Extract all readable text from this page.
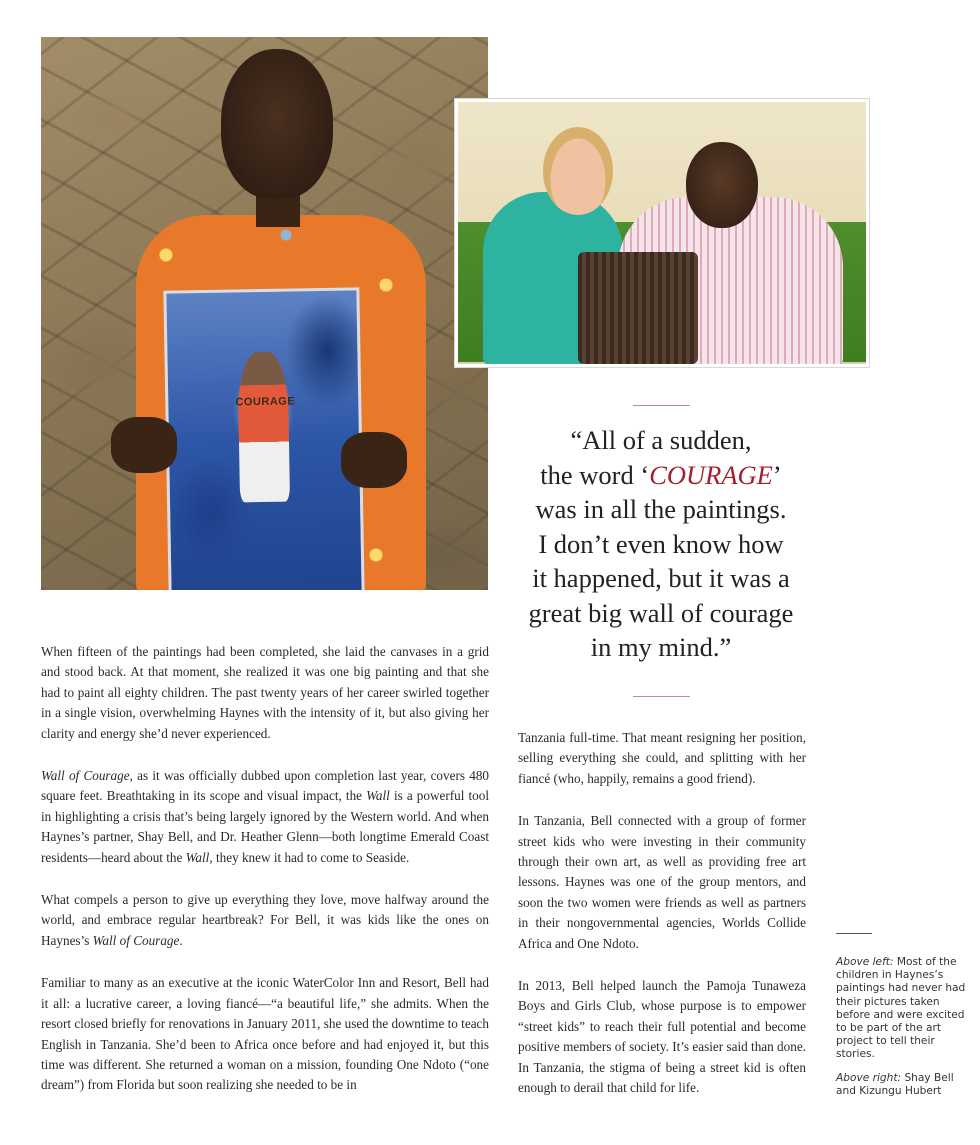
COURAGE
“All of a sudden,
the word ‘COURAGE’
was in all the paintings.
I don’t even know how
it happened, but it was a
great big wall of courage
in my mind.”

When fifteen of the paintings had been completed, she laid the canvases in a grid and stood back. At that moment, she realized it was one big painting and that she had to paint all eighty children. The past twenty years of her career swirled together in a single vision, overwhelming Haynes with the intensity of it, but also giving her clarity and energy she’d never experienced.

Wall of Courage, as it was officially dubbed upon completion last year, covers 480 square feet. Breathtaking in its scope and visual impact, the Wall is a powerful tool in highlighting a crisis that’s being largely ignored by the Western world. And when Haynes’s partner, Shay Bell, and Dr. Heather Glenn—both longtime Emerald Coast residents—heard about the Wall, they knew it had to come to Seaside.

What compels a person to give up everything they love, move halfway around the world, and embrace regular heartbreak? For Bell, it was kids like the ones on Haynes’s Wall of Courage.

Familiar to many as an executive at the iconic WaterColor Inn and Resort, Bell had it all: a lucrative career, a loving fiancé—“a beautiful life,” she admits. When the resort closed briefly for renovations in January 2011, she used the downtime to teach English in Tanzania. She’d been to Africa once before and had enjoyed it, but this time was different. She returned a woman on a mission, founding One Ndoto (“one dream”) from Florida but soon realizing she needed to be in

Tanzania full-time. That meant resigning her position, selling everything she could, and splitting with her fiancé (who, happily, remains a good friend).

In Tanzania, Bell connected with a group of former street kids who were investing in their community through their own art, as well as providing free art lessons. Haynes was one of the group mentors, and soon the two women were friends as well as partners in their nongovernmental agencies, Worlds Collide Africa and One Ndoto.

In 2013, Bell helped launch the Pamoja Tunaweza Boys and Girls Club, whose purpose is to empower “street kids” to reach their full potential and become positive members of society. It’s easier said than done. In Tanzania, the stigma of being a street kid is often enough to derail that child for life.

Above left: Most of the children in Haynes’s paintings had never had their pictures taken before and were excited to be part of the art project to tell their stories.

Above right: Shay Bell and Kizungu Hubert
